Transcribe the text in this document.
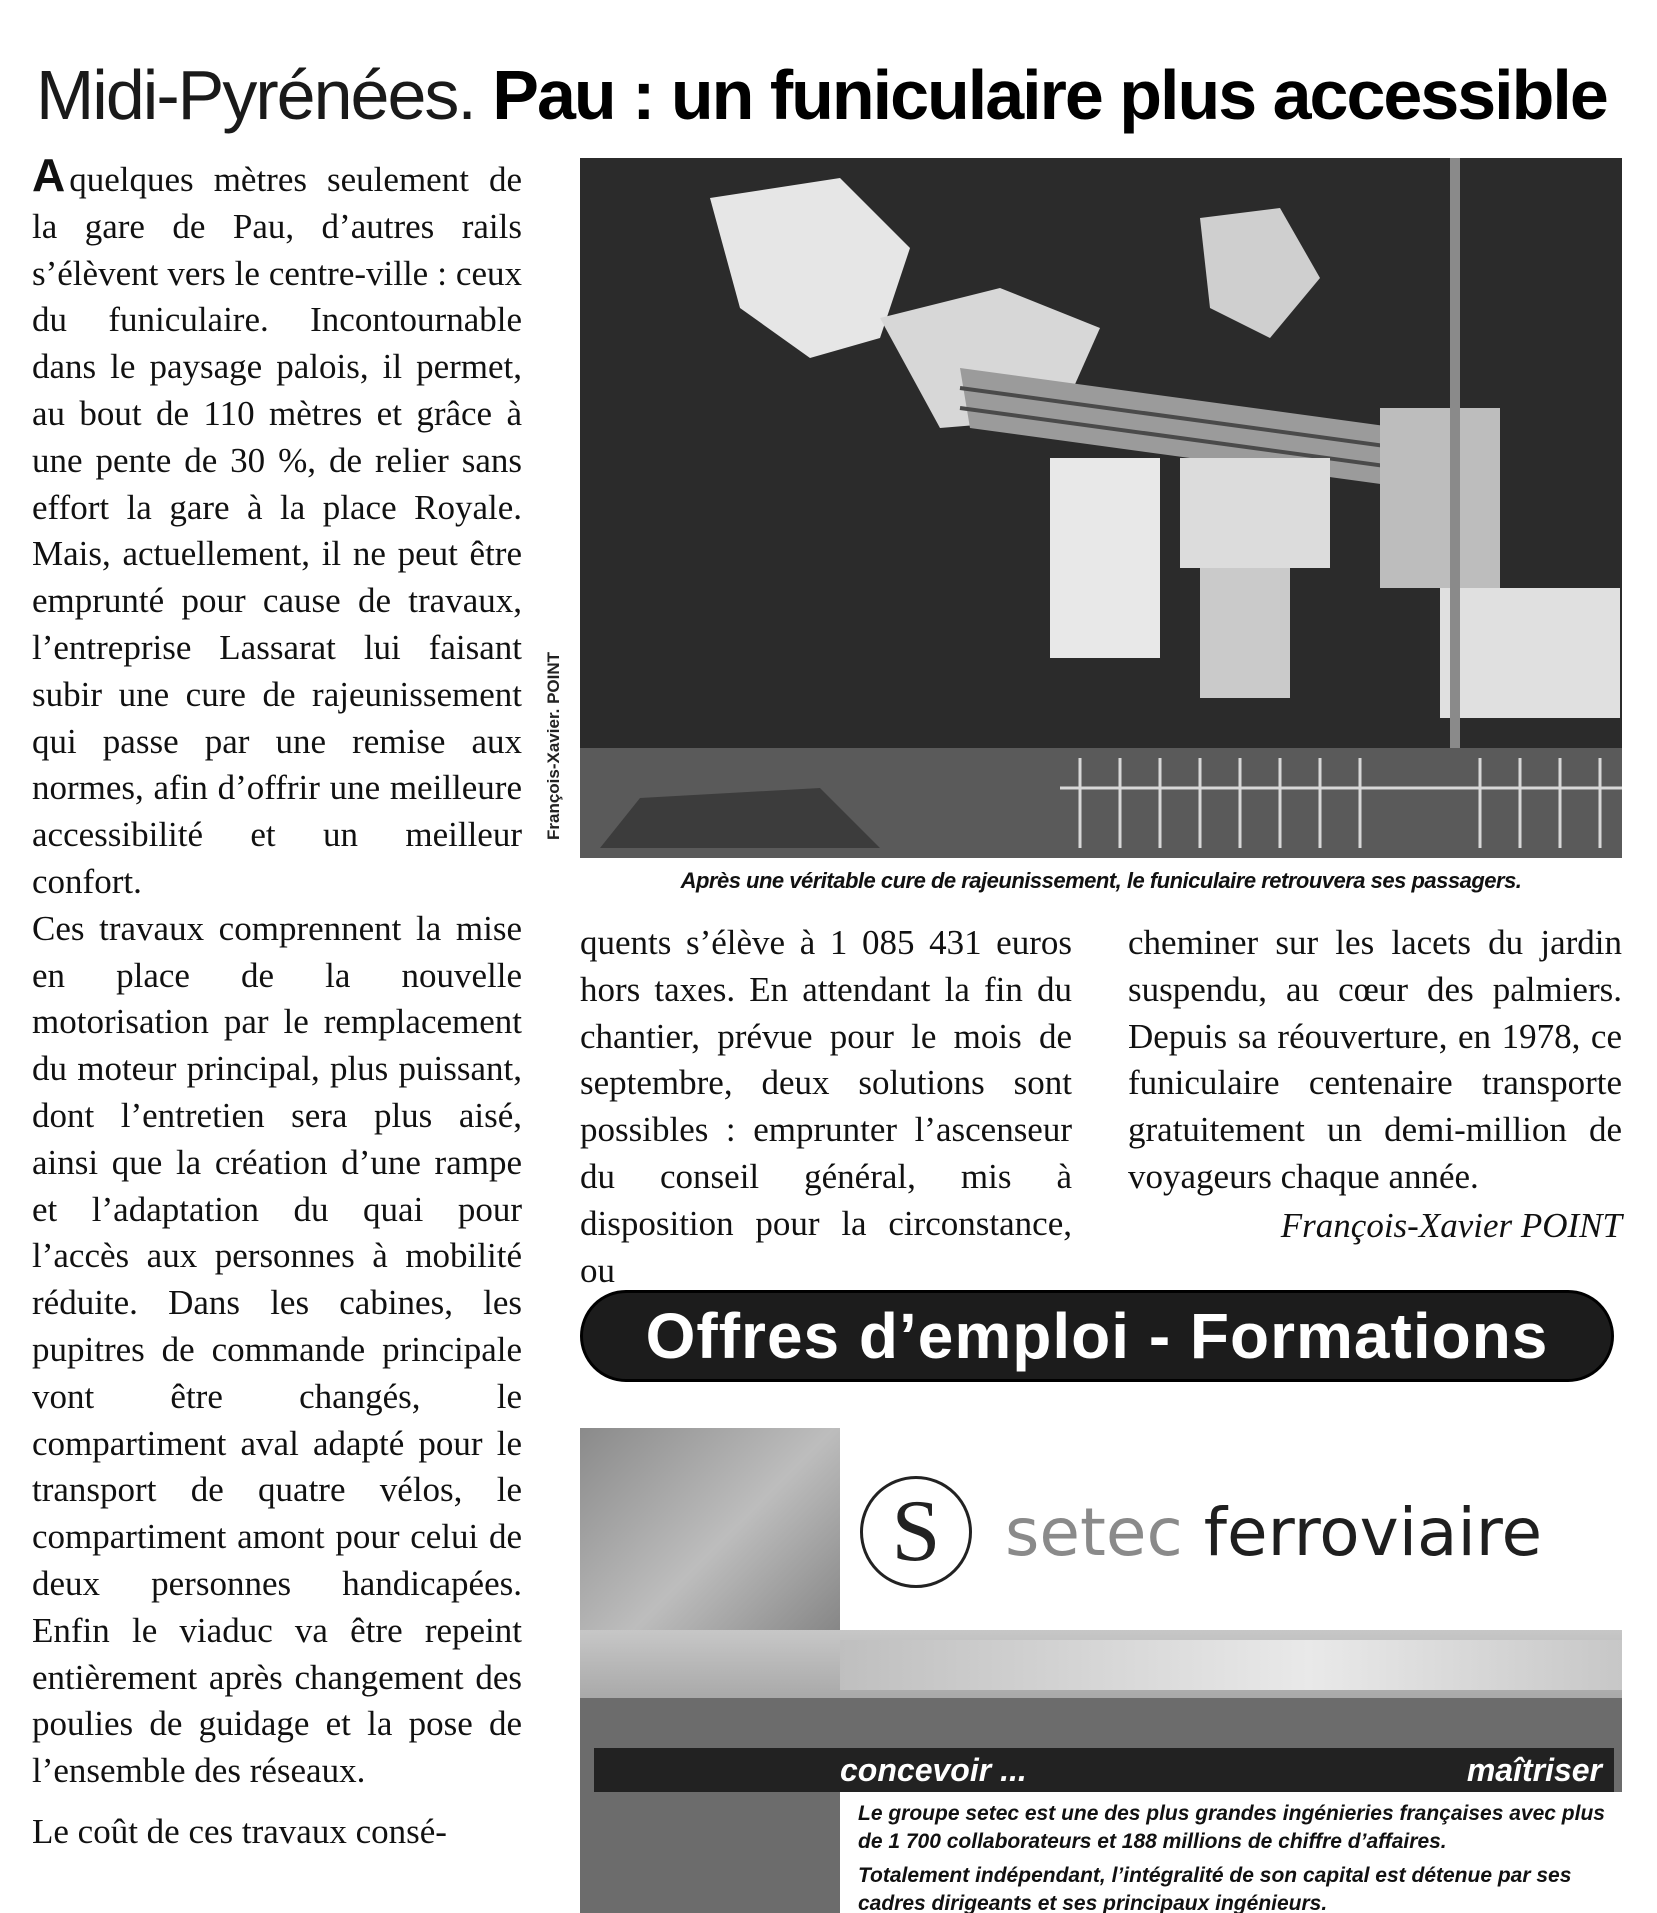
Midi-Pyrénées. Pau : un funiculaire plus accessible

A quelques mètres seulement de la gare de Pau, d’autres rails s’élèvent vers le centre-ville : ceux du funiculaire. Incontournable dans le paysage palois, il permet, au bout de 110 mètres et grâce à une pente de 30 %, de relier sans effort la gare à la place Royale. Mais, actuellement, il ne peut être emprunté pour cause de travaux, l’entreprise Lassarat lui faisant subir une cure de rajeunissement qui passe par une remise aux normes, afin d’offrir une meilleure accessibilité et un meilleur confort.

Ces travaux comprennent la mise en place de la nouvelle motorisation par le remplacement du moteur principal, plus puissant, dont l’entretien sera plus aisé, ainsi que la création d’une rampe et l’adaptation du quai pour l’accès aux personnes à mobilité réduite. Dans les cabines, les pupitres de commande principale vont être changés, le compartiment aval adapté pour le transport de quatre vélos, le compartiment amont pour celui de deux personnes handicapées. Enfin le viaduc va être repeint entièrement après changement des poulies de guidage et la pose de l’ensemble des réseaux.

Le coût de ces travaux consé-

François-Xavier. POINT
Après une véritable cure de rajeunissement, le funiculaire retrouvera ses passagers.

quents s’élève à 1 085 431 euros hors taxes. En attendant la fin du chantier, prévue pour le mois de septembre, deux solutions sont possibles : emprunter l’ascenseur du conseil général, mis à disposition pour la circonstance, ou

cheminer sur les lacets du jardin suspendu, au cœur des palmiers. Depuis sa réouverture, en 1978, ce funiculaire centenaire transporte gratuitement un demi-million de voyageurs chaque année.

François-Xavier POINT
Offres d’emploi - Formations
S setec ferroviaire
concevoir ...	maîtriser

Le groupe setec est une des plus grandes ingénieries françaises avec plus de 1 700 collaborateurs et 188 millions de chiffre d’affaires.

Totalement indépendant, l’intégralité de son capital est détenue par ses cadres dirigeants et ses principaux ingénieurs.
